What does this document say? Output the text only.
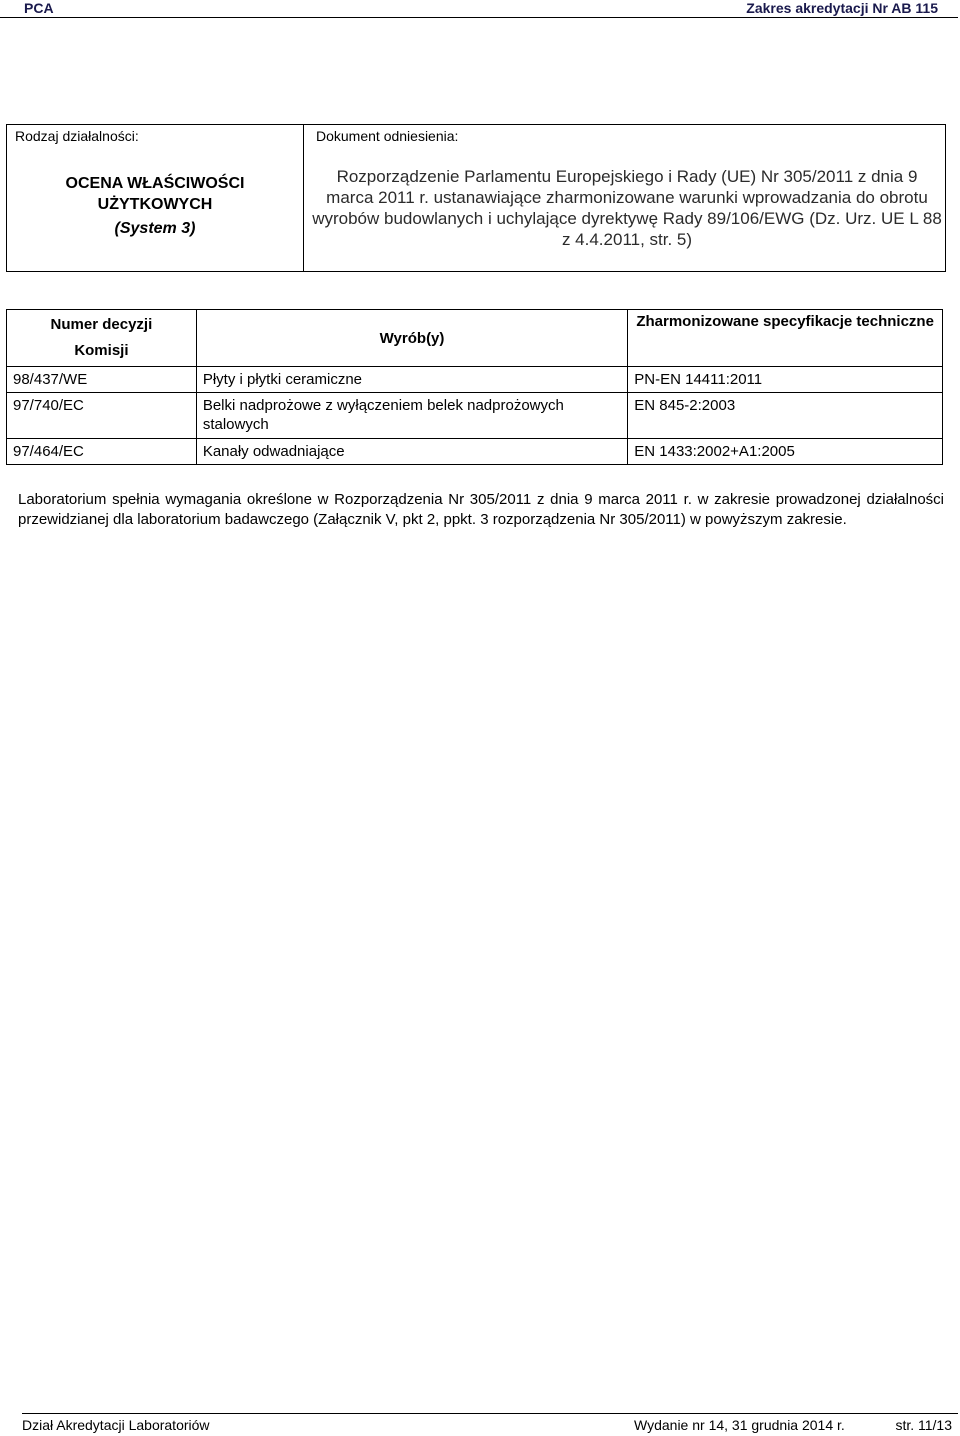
PCA	Zakres akredytacji Nr AB 115
Rodzaj działalności:
OCENA WŁAŚCIWOŚCI
UŻYTKOWYCH
(System 3)
Dokument odniesienia:
Rozporządzenie Parlamentu Europejskiego i Rady (UE) Nr 305/2011 z dnia 9 marca 2011 r. ustanawiające zharmonizowane warunki wprowadzania do obrotu wyrobów budowlanych i uchylające dyrektywę Rady 89/106/EWG (Dz. Urz. UE L 88 z 4.4.2011, str. 5)
Numer decyzji
Komisji	Wyrób(y)	Zharmonizowane specyfikacje techniczne
98/437/WE	Płyty i płytki ceramiczne	PN-EN 14411:2011
97/740/EC	Belki nadprożowe z wyłączeniem belek nadprożowych stalowych	EN 845-2:2003
97/464/EC	Kanały odwadniające	EN 1433:2002+A1:2005
Laboratorium spełnia wymagania określone w Rozporządzenia Nr 305/2011 z dnia 9 marca 2011 r. w zakresie prowadzonej działalności przewidzianej dla laboratorium badawczego (Załącznik V, pkt 2, ppkt. 3 rozporządzenia Nr 305/2011) w powyższym zakresie.
Dział Akredytacji Laboratoriów	Wydanie nr 14, 31 grudnia 2014 r.	str. 11/13
